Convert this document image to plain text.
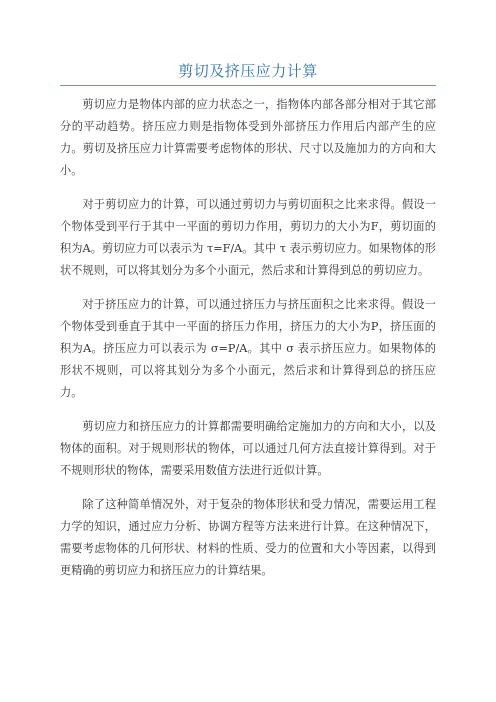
剪切及挤压应力计算

剪切应力是物体内部的应力状态之一，指物体内部各部分相对于其它部分的平动趋势。挤压应力则是指物体受到外部挤压力作用后内部产生的应力。剪切及挤压应力计算需要考虑物体的形状、尺寸以及施加力的方向和大小。

对于剪切应力的计算，可以通过剪切力与剪切面积之比来求得。假设一个物体受到平行于其中一平面的剪切力作用，剪切力的大小为F，剪切面的积为A。剪切应力可以表示为 τ=F/A。其中 τ 表示剪切应力。如果物体的形状不规则，可以将其划分为多个小面元，然后求和计算得到总的剪切应力。

对于挤压应力的计算，可以通过挤压力与挤压面积之比来求得。假设一个物体受到垂直于其中一平面的挤压力作用，挤压力的大小为P，挤压面的积为A。挤压应力可以表示为 σ=P/A。其中 σ 表示挤压应力。如果物体的形状不规则，可以将其划分为多个小面元，然后求和计算得到总的挤压应力。

剪切应力和挤压应力的计算都需要明确给定施加力的方向和大小，以及物体的面积。对于规则形状的物体，可以通过几何方法直接计算得到。对于不规则形状的物体，需要采用数值方法进行近似计算。

除了这种简单情况外，对于复杂的物体形状和受力情况，需要运用工程力学的知识，通过应力分析、协调方程等方法来进行计算。在这种情况下，需要考虑物体的几何形状、材料的性质、受力的位置和大小等因素，以得到更精确的剪切应力和挤压应力的计算结果。
